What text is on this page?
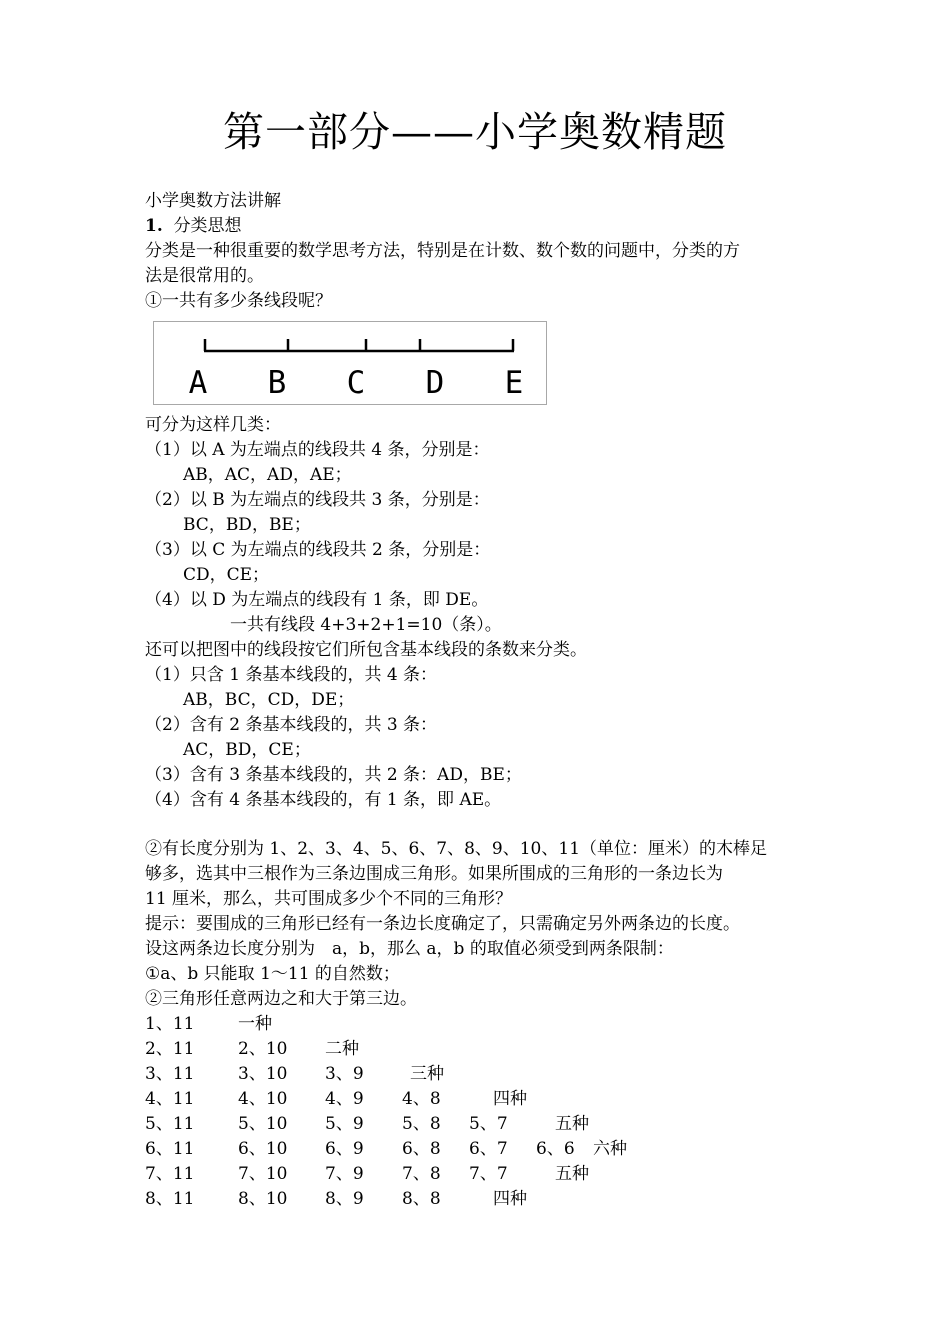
第一部分——小学奥数精题
小学奥数方法讲解
1. 分类思想
分类是一种很重要的数学思考方法，特别是在计数、数个数的问题中，分类的方
法是很常用的。
①一共有多少条线段呢？
A B C D E
可分为这样几类：
（1）以 A 为左端点的线段共 4 条，分别是：
AB，AC，AD，AE；
（2）以 B 为左端点的线段共 3 条，分别是：
BC，BD，BE；
（3）以 C 为左端点的线段共 2 条，分别是：
CD，CE；
（4）以 D 为左端点的线段有 1 条，即 DE。
一共有线段 4+3+2+1=10（条）。
还可以把图中的线段按它们所包含基本线段的条数来分类。
（1）只含 1 条基本线段的，共 4 条：
AB，BC，CD，DE；
（2）含有 2 条基本线段的，共 3 条：
AC，BD，CE；
（3）含有 3 条基本线段的，共 2 条：AD，BE；
（4）含有 4 条基本线段的，有 1 条，即 AE。
②有长度分别为 1、2、3、4、5、6、7、8、9、10、11（单位：厘米）的木棒足
够多，选其中三根作为三条边围成三角形。如果所围成的三角形的一条边长为
11 厘米，那么，共可围成多少个不同的三角形？
提示：要围成的三角形已经有一条边长度确定了，只需确定另外两条边的长度。
设这两条边长度分别为　a，b，那么 a，b 的取值必须受到两条限制：
①a、b 只能取 1～11 的自然数；
②三角形任意两边之和大于第三边。
1、11	一种
2、11	2、10 二种
3、11	3、10 3、9	三种
4、11	4、10 4、9 4、8	四种
5、11	5、10 5、9 5、8 5、7	五种
6、11	6、10 6、9 6、8 6、7 6、6 六种
7、11	7、10 7、9 7、8 7、7	五种
8、11	8、10 8、9 8、8	四种
